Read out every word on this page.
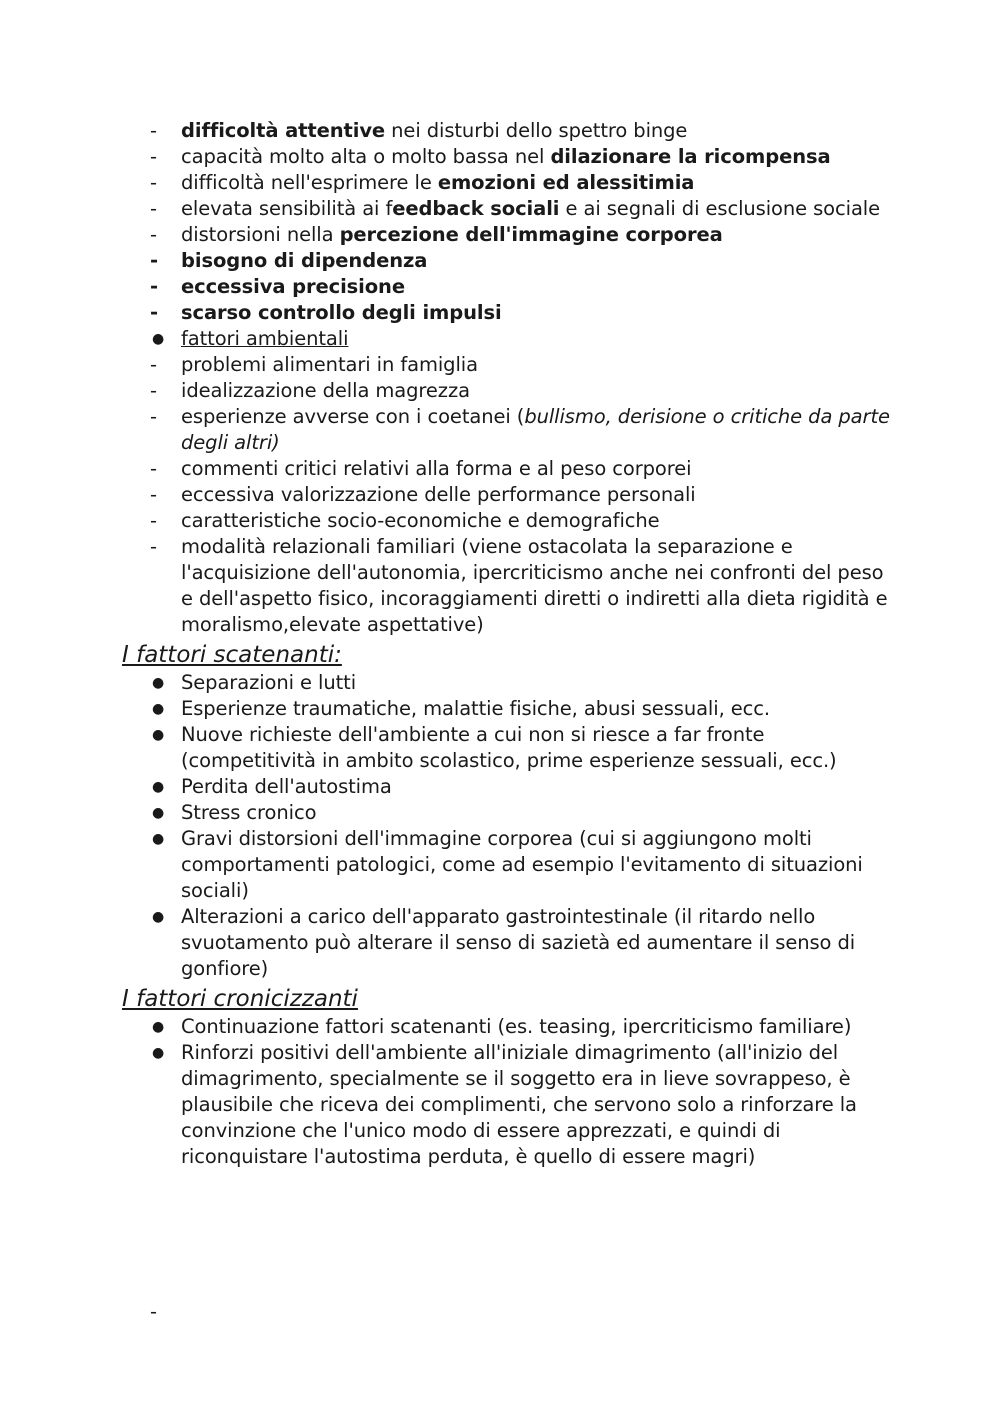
-	difficoltà attentive nei disturbi dello spettro binge
-	capacità molto alta o molto bassa nel dilazionare la ricompensa
-	difficoltà nell'esprimere le emozioni ed alessitimia
-	elevata sensibilità ai feedback sociali e ai segnali di esclusione sociale
-	distorsioni nella percezione dell'immagine corporea
-	bisogno di dipendenza
-	eccessiva precisione
-	scarso controllo degli impulsi
● fattori ambientali
-	problemi alimentari in famiglia
-	idealizzazione della magrezza
-	esperienze avverse con i coetanei (bullismo, derisione o critiche da parte degli altri)
-	commenti critici relativi alla forma e al peso corporei
-	eccessiva valorizzazione delle performance personali
-	caratteristiche socio-economiche e demografiche
-	modalità relazionali familiari (viene ostacolata la separazione e l'acquisizione dell'autonomia, ipercriticismo anche nei confronti del peso e dell'aspetto fisico, incoraggiamenti diretti o indiretti alla dieta rigidità e moralismo,elevate aspettative)
I fattori scatenanti:
● Separazioni e lutti
● Esperienze traumatiche, malattie fisiche, abusi sessuali, ecc.
● Nuove richieste dell'ambiente a cui non si riesce a far fronte (competitività in ambito scolastico, prime esperienze sessuali, ecc.)
● Perdita dell'autostima
● Stress cronico
● Gravi distorsioni dell'immagine corporea (cui si aggiungono molti comportamenti patologici, come ad esempio l'evitamento di situazioni sociali)
● Alterazioni a carico dell'apparato gastrointestinale (il ritardo nello svuotamento può alterare il senso di sazietà ed aumentare il senso di gonfiore)
I fattori cronicizzanti
● Continuazione fattori scatenanti (es. teasing, ipercriticismo familiare)
● Rinforzi positivi dell'ambiente all'iniziale dimagrimento (all'inizio del dimagrimento, specialmente se il soggetto era in lieve sovrappeso, è plausibile che riceva dei complimenti, che servono solo a rinforzare la convinzione che l'unico modo di essere apprezzati, e quindi di riconquistare l'autostima perduta, è quello di essere magri)
-
